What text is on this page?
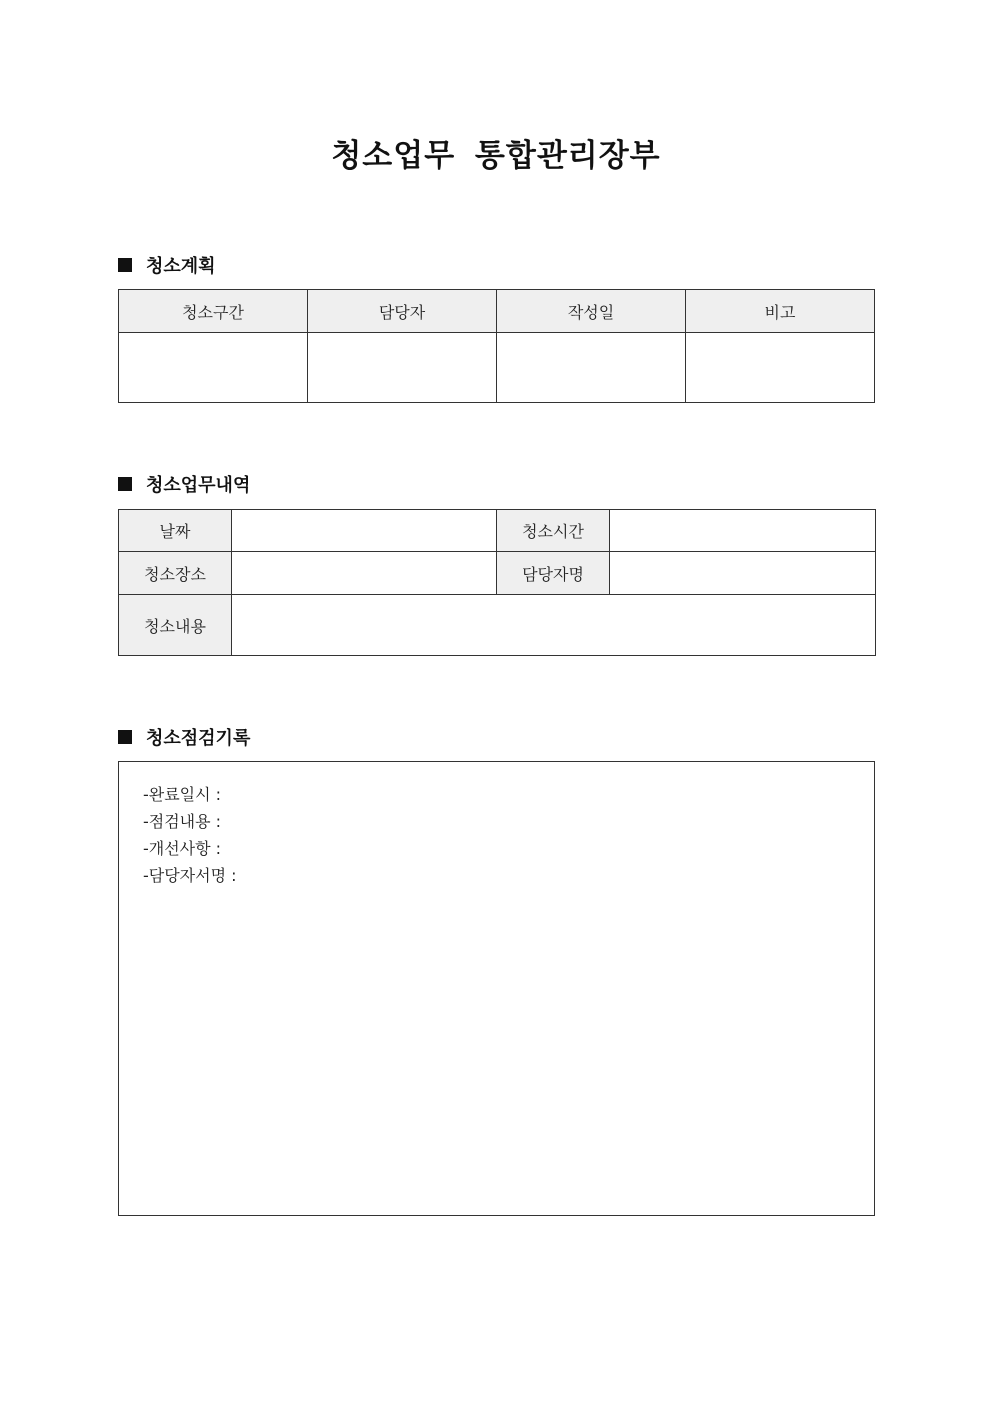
청소업무 통합관리장부
청소계획
청소구간	담당자	작성일	비고

청소업무내역
날짜		청소시간	
청소장소		담당자명	
청소내용			
청소점검기록
-완료일시 :
-점검내용 :
-개선사항 :
-담당자서명 :
